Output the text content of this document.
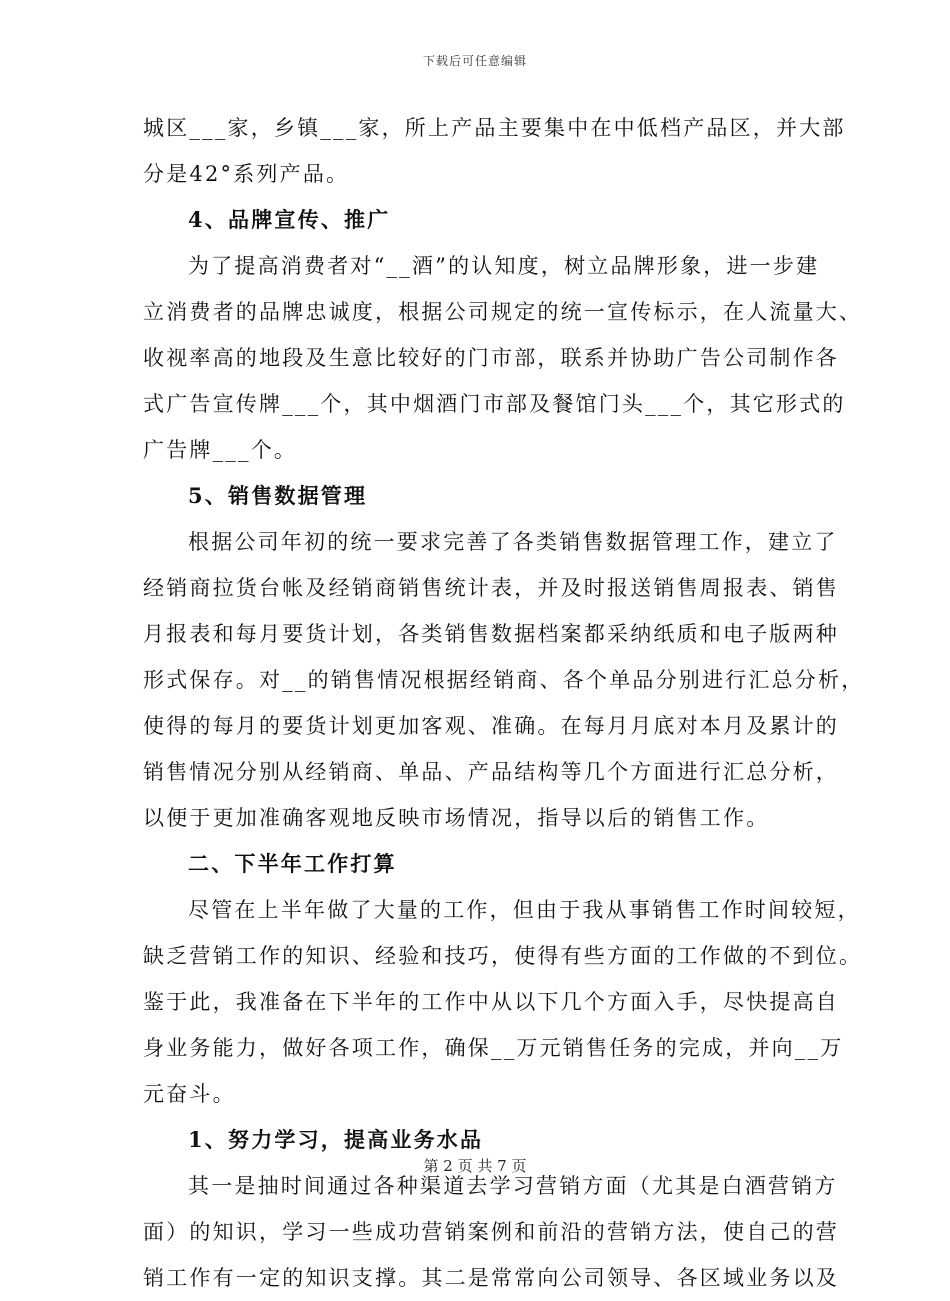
下载后可任意编辑
城区___家，乡镇___家，所上产品主要集中在中低档产品区，并大部
分是42°系列产品。
4、品牌宣传、推广
为了提高消费者对“__酒”的认知度，树立品牌形象，进一步建
立消费者的品牌忠诚度，根据公司规定的统一宣传标示，在人流量大、
收视率高的地段及生意比较好的门市部，联系并协助广告公司制作各
式广告宣传牌___个，其中烟酒门市部及餐馆门头___个，其它形式的
广告牌___个。
5、销售数据管理
根据公司年初的统一要求完善了各类销售数据管理工作，建立了
经销商拉货台帐及经销商销售统计表，并及时报送销售周报表、销售
月报表和每月要货计划，各类销售数据档案都采纳纸质和电子版两种
形式保存。对__的销售情况根据经销商、各个单品分别进行汇总分析，
使得的每月的要货计划更加客观、准确。在每月月底对本月及累计的
销售情况分别从经销商、单品、产品结构等几个方面进行汇总分析，
以便于更加准确客观地反映市场情况，指导以后的销售工作。
二、下半年工作打算
尽管在上半年做了大量的工作，但由于我从事销售工作时间较短，
缺乏营销工作的知识、经验和技巧，使得有些方面的工作做的不到位。
鉴于此，我准备在下半年的工作中从以下几个方面入手，尽快提高自
身业务能力，做好各项工作，确保__万元销售任务的完成，并向__万
元奋斗。
1、努力学习，提高业务水品
其一是抽时间通过各种渠道去学习营销方面（尤其是白酒营销方
面）的知识，学习一些成功营销案例和前沿的营销方法，使自己的营
销工作有一定的知识支撑。其二是常常向公司领导、各区域业务以及
第 2 页 共 7 页
